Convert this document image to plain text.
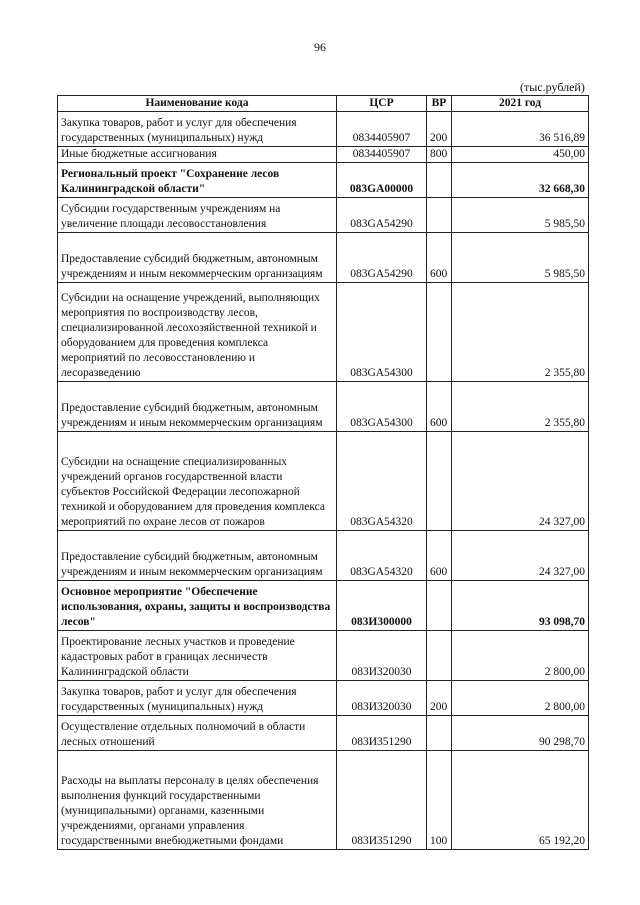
96
(тыс.рублей)
Наименование кода	ЦСР	ВР	2021 год
Закупка товаров, работ и услуг для обеспечения государственных (муниципальных) нужд	0834405907	200	36 516,89
Иные бюджетные ассигнования	0834405907	800	450,00
Региональный проект "Сохранение лесов Калининградской области"	083GA00000		32 668,30
Субсидии государственным учреждениям на увеличение площади лесовосстановления	083GA54290		5 985,50
Предоставление субсидий бюджетным, автономным учреждениям и иным некоммерческим организациям	083GA54290	600	5 985,50
Субсидии на оснащение учреждений, выполняющих мероприятия по воспроизводству лесов, специализированной лесохозяйственной техникой и оборудованием для проведения комплекса мероприятий по лесовосстановлению и лесоразведению	083GA54300		2 355,80
Предоставление субсидий бюджетным, автономным учреждениям и иным некоммерческим организациям	083GA54300	600	2 355,80
Субсидии на оснащение специализированных учреждений органов государственной власти субъектов Российской Федерации лесопожарной техникой и оборудованием для проведения комплекса мероприятий по охране лесов от пожаров	083GA54320		24 327,00
Предоставление субсидий бюджетным, автономным учреждениям и иным некоммерческим организациям	083GA54320	600	24 327,00
Основное мероприятие "Обеспечение использования, охраны, защиты и воспроизводства лесов"	083И300000		93 098,70
Проектирование лесных участков и проведение кадастровых работ в границах лесничеств Калининградской области	083И320030		2 800,00
Закупка товаров, работ и услуг для обеспечения государственных (муниципальных) нужд	083И320030	200	2 800,00
Осуществление отдельных полномочий в области лесных отношений	083И351290		90 298,70
Расходы на выплаты персоналу в целях обеспечения выполнения функций государственными (муниципальными) органами, казенными учреждениями, органами управления государственными внебюджетными фондами	083И351290	100	65 192,20
